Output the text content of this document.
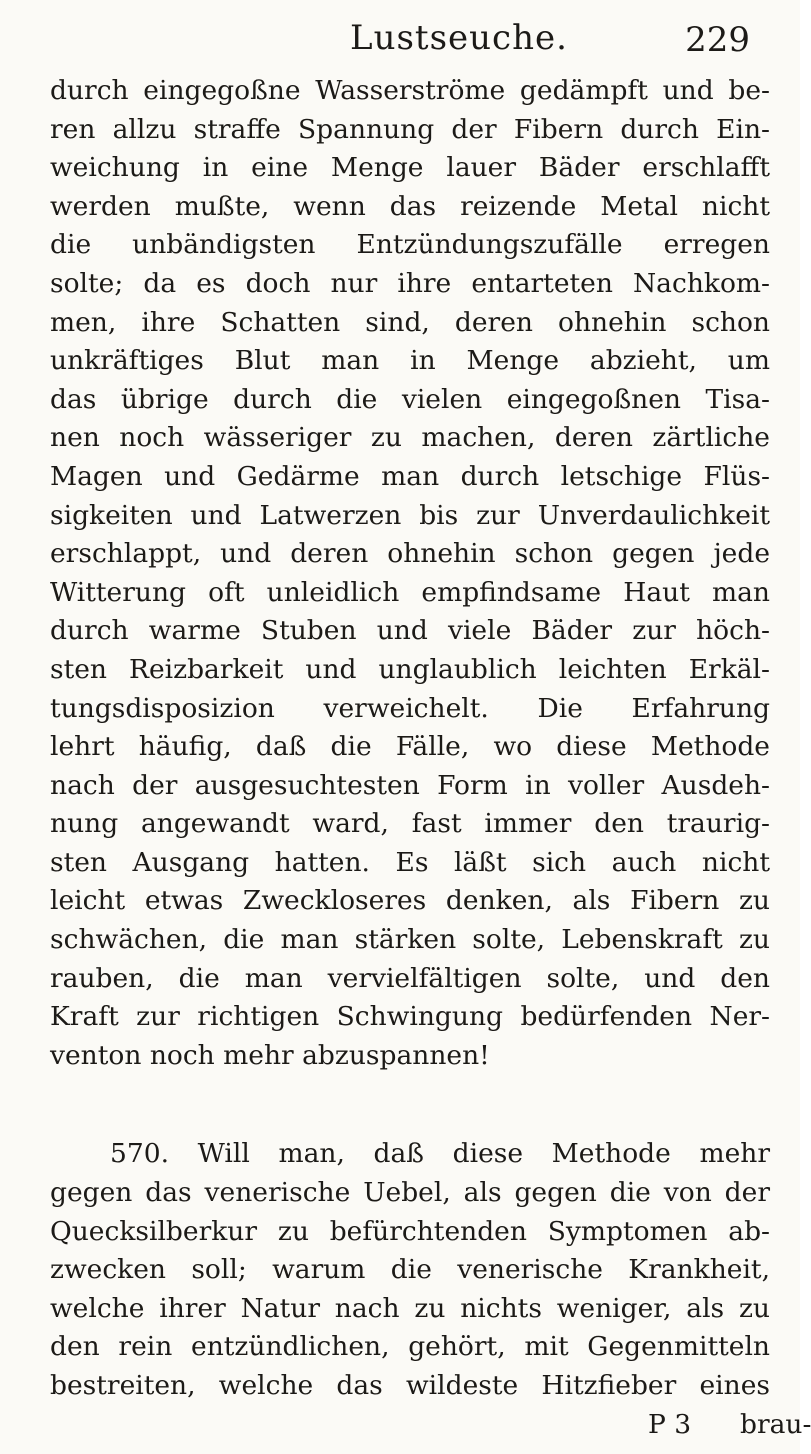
Lustseuche.	229
durch eingegoßne Wasserströme gedämpft und be-
ren allzu straffe Spannung der Fibern durch Ein-
weichung in eine Menge lauer Bäder erschlafft
werden mußte, wenn das reizende Metal nicht
die unbändigsten Entzündungszufälle erregen
solte; da es doch nur ihre entarteten Nachkom-
men, ihre Schatten sind, deren ohnehin schon
unkräftiges Blut man in Menge abzieht, um
das übrige durch die vielen eingegoßnen Tisa-
nen noch wässeriger zu machen, deren zärtliche
Magen und Gedärme man durch letschige Flüs-
sigkeiten und Latwerzen bis zur Unverdaulichkeit
erschlappt, und deren ohnehin schon gegen jede
Witterung oft unleidlich empfindsame Haut man
durch warme Stuben und viele Bäder zur höch-
sten Reizbarkeit und unglaublich leichten Erkäl-
tungsdisposizion verweichelt. Die Erfahrung
lehrt häufig, daß die Fälle, wo diese Methode
nach der ausgesuchtesten Form in voller Ausdeh-
nung angewandt ward, fast immer den traurig-
sten Ausgang hatten. Es läßt sich auch nicht
leicht etwas Zweckloseres denken, als Fibern zu
schwächen, die man stärken solte, Lebenskraft zu
rauben, die man vervielfältigen solte, und den
Kraft zur richtigen Schwingung bedürfenden Ner-
venton noch mehr abzuspannen!
570. Will man, daß diese Methode mehr
gegen das venerische Uebel, als gegen die von der
Quecksilberkur zu befürchtenden Symptomen ab-
zwecken soll; warum die venerische Krankheit,
welche ihrer Natur nach zu nichts weniger, als zu
den rein entzündlichen, gehört, mit Gegenmitteln
bestreiten, welche das wildeste Hitzfieber eines
P 3 brau-
